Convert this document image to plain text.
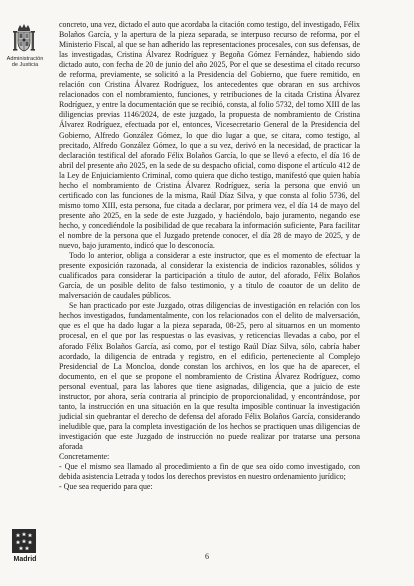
Administración
de Justicia
Madrid

concreto, una vez, dictado el auto que acordaba la citación como testigo, del investigado, Félix Bolaños García, y la apertura de la pieza separada, se interpuso recurso de reforma, por el Ministerio Fiscal, al que se han adherido las representaciones procesales, con sus defensas, de las investigadas, Cristina Álvarez Rodríguez y Begoña Gómez Fernández, habiendo sido dictado auto, con fecha de 20 de junio del año 2025, Por el que se desestima el citado recurso de reforma, previamente, se solicitó a la Presidencia del Gobierno, que fuere remitido, en relación con Cristina Álvarez Rodríguez, los antecedentes que obraran en sus archivos relacionados con el nombramiento, funciones, y retribuciones de la citada Cristina Álvarez Rodríguez, y entre la documentación que se recibió, consta, al folio 5732, del tomo XIII de las diligencias previas 1146/2024, de este juzgado, la propuesta de nombramiento de Cristina Álvarez Rodríguez, efectuada por el, entonces, Vicesecretario General de la Presidencia del Gobierno, Alfredo González Gómez, lo que dio lugar a que, se citara, como testigo, al precitado, Alfredo González Gómez, lo que a su vez, derivó en la necesidad, de practicar la declaración testifical del aforado Félix Bolaños García, lo que se llevó a efecto, el día 16 de abril del presente año 2025, en la sede de su despacho oficial, como dispone el artículo 412 de la Ley de Enjuiciamiento Criminal, como quiera que dicho testigo, manifestó que quien había hecho el nombramiento de Cristina Álvarez Rodríguez, sería la persona que envió un certificado con las funciones de la misma, Raúl Díaz Silva, y que consta al folio 5736, del mismo tomo XIII, esta persona, fue citada a declarar, por primera vez, el día 14 de mayo del presente año 2025, en la sede de este Juzgado, y haciéndolo, bajo juramento, negando ese hecho, y concediéndole la posibilidad de que recabara la información suficiente, Para facilitar el nombre de la persona que el Juzgado pretende conocer, el día 28 de mayo de 2025, y de nuevo, bajo juramento, indicó que lo desconocía.

Todo lo anterior, obliga a considerar a este instructor, que es el momento de efectuar la presente exposición razonada, al considerar la existencia de indicios razonables, sólidos y cualificados para considerar la participación a título de autor, del aforado, Félix Bolaños García, de un posible delito de falso testimonio, y a título de coautor de un delito de malversación de caudales públicos.

Se han practicado por este Juzgado, otras diligencias de investigación en relación con los hechos investigados, fundamentalmente, con los relacionados con el delito de malversación, que es el que ha dado lugar a la pieza separada, 08-25, pero al situarnos en un momento procesal, en el que por las respuestas o las evasivas, y reticencias llevadas a cabo, por el aforado Félix Bolaños García, así como, por el testigo Raúl Díaz Silva, sólo, cabría haber acordado, la diligencia de entrada y registro, en el edificio, perteneciente al Complejo Presidencial de La Moncloa, donde constan los archivos, en los que ha de aparecer, el documento, en el que se propone el nombramiento de Cristina Álvarez Rodríguez, como personal eventual, para las labores que tiene asignadas, diligencia, que a juicio de este instructor, por ahora, sería contraria al principio de proporcionalidad, y encontrándose, por tanto, la instrucción en una situación en la que resulta imposible continuar la investigación judicial sin quebrantar el derecho de defensa del aforado Félix Bolaños García, considerando ineludible que, para la completa investigación de los hechos se practiquen unas diligencias de investigación que este Juzgado de instrucción no puede realizar por tratarse una persona aforada

Concretamente:

- Que el mismo sea llamado al procedimiento a fin de que sea oído como investigado, con debida asistencia Letrada y todos los derechos previstos en nuestro ordenamiento jurídico;

- Que sea requerido para que:

6
